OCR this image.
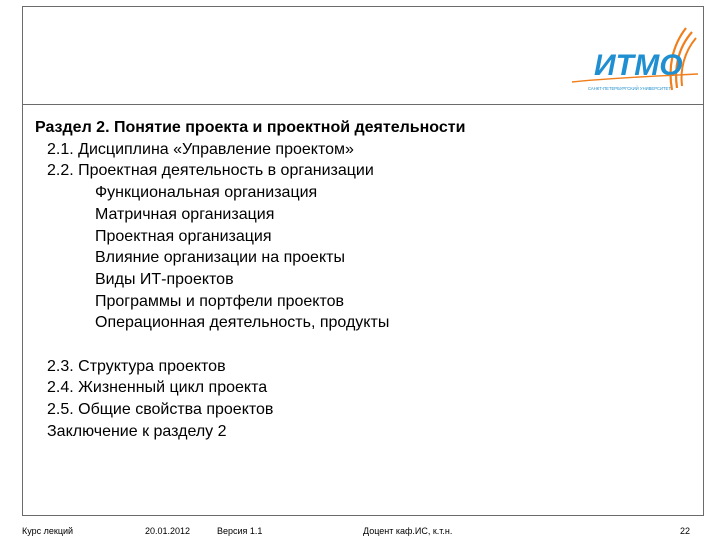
ИТМО
САНКТ-ПЕТЕРБУРГСКИЙ УНИВЕРСИТЕТ
Раздел 2. Понятие проекта и проектной деятельности
2.1. Дисциплина «Управление проектом»
2.2. Проектная деятельность в организации
Функциональная организация
Матричная организация
Проектная организация
Влияние организации на проекты
Виды ИТ-проектов
Программы и портфели проектов
Операционная деятельность, продукты
2.3. Структура проектов
2.4. Жизненный цикл проекта
2.5. Общие свойства проектов
Заключение к разделу 2
Курс лекций	20.01.2012	Версия 1.1	Доцент каф.ИС, к.т.н.	22
